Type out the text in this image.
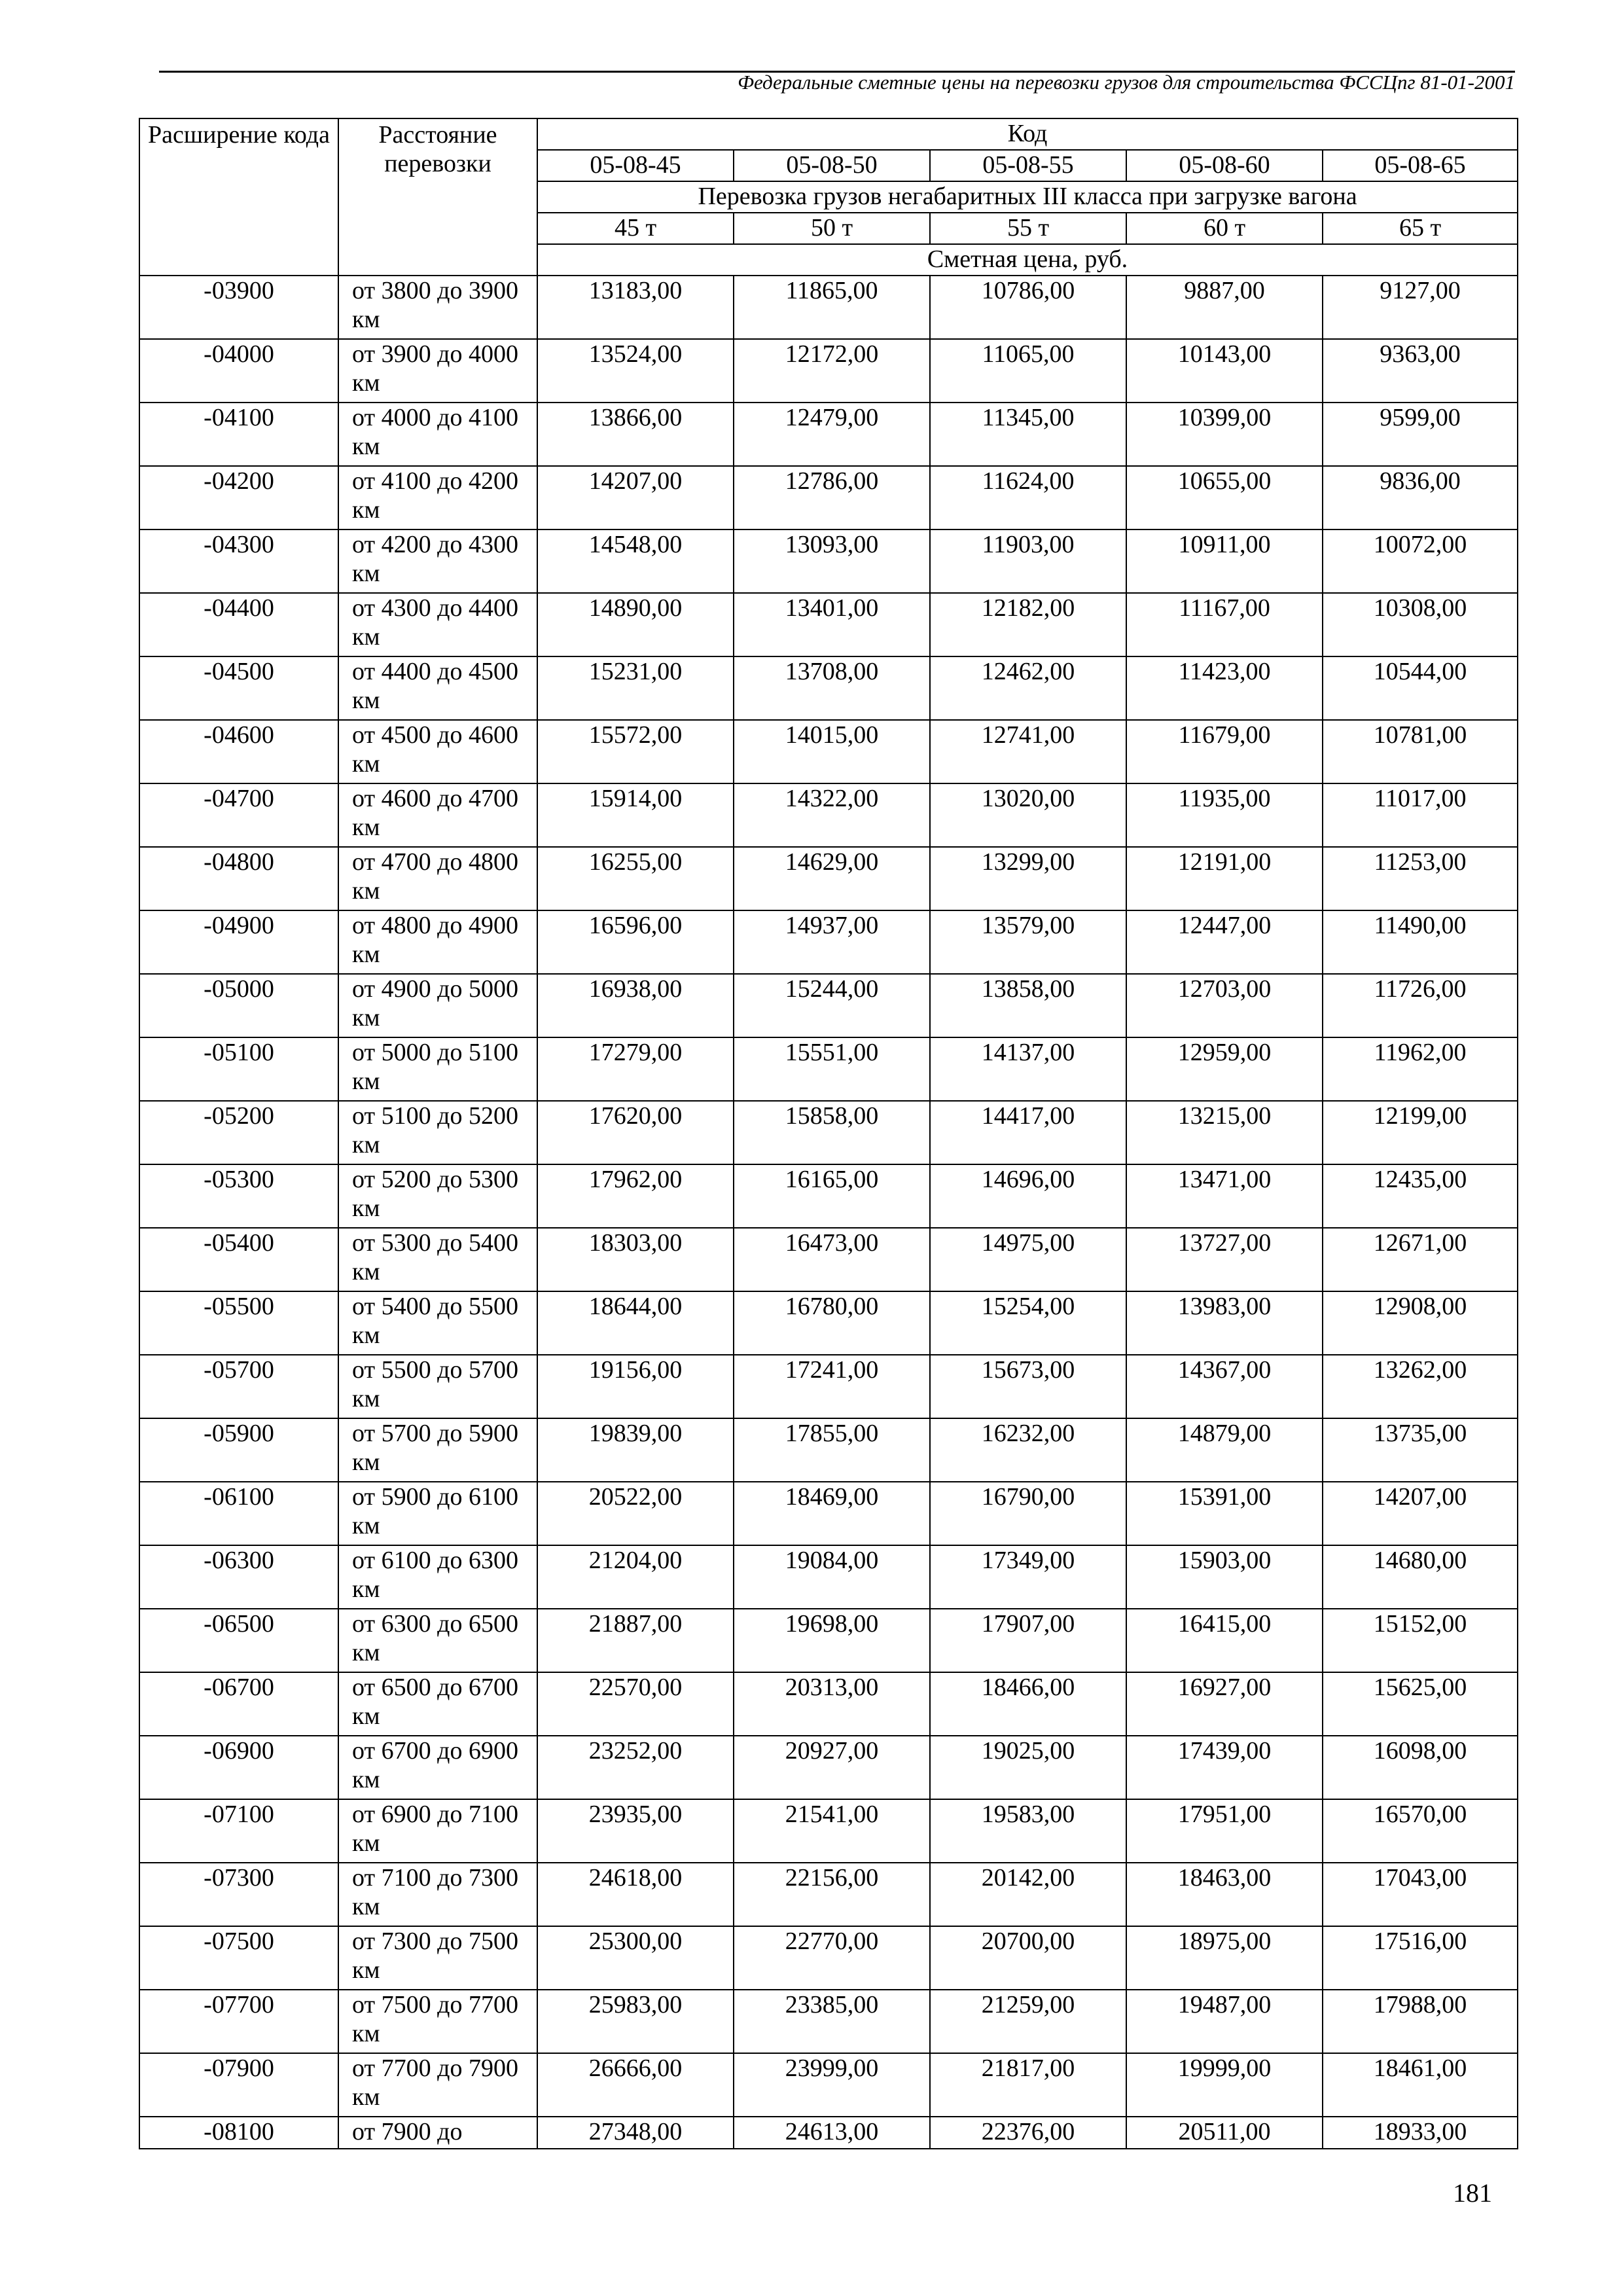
Федеральные сметные цены на перевозки грузов для строительства ФССЦпг 81-01-2001
Расширение кода	Расстояние перевозки	Код				
		05-08-45	05-08-50	05-08-55	05-08-60	05-08-65
		Перевозка грузов негабаритных III класса при загрузке вагона				
		45 т	50 т	55 т	60 т	65 т
		Сметная цена, руб.				
-03900	от 3800 до 3900 км	13183,00	11865,00	10786,00	9887,00	9127,00
-04000	от 3900 до 4000 км	13524,00	12172,00	11065,00	10143,00	9363,00
-04100	от 4000 до 4100 км	13866,00	12479,00	11345,00	10399,00	9599,00
-04200	от 4100 до 4200 км	14207,00	12786,00	11624,00	10655,00	9836,00
-04300	от 4200 до 4300 км	14548,00	13093,00	11903,00	10911,00	10072,00
-04400	от 4300 до 4400 км	14890,00	13401,00	12182,00	11167,00	10308,00
-04500	от 4400 до 4500 км	15231,00	13708,00	12462,00	11423,00	10544,00
-04600	от 4500 до 4600 км	15572,00	14015,00	12741,00	11679,00	10781,00
-04700	от 4600 до 4700 км	15914,00	14322,00	13020,00	11935,00	11017,00
-04800	от 4700 до 4800 км	16255,00	14629,00	13299,00	12191,00	11253,00
-04900	от 4800 до 4900 км	16596,00	14937,00	13579,00	12447,00	11490,00
-05000	от 4900 до 5000 км	16938,00	15244,00	13858,00	12703,00	11726,00
-05100	от 5000 до 5100 км	17279,00	15551,00	14137,00	12959,00	11962,00
-05200	от 5100 до 5200 км	17620,00	15858,00	14417,00	13215,00	12199,00
-05300	от 5200 до 5300 км	17962,00	16165,00	14696,00	13471,00	12435,00
-05400	от 5300 до 5400 км	18303,00	16473,00	14975,00	13727,00	12671,00
-05500	от 5400 до 5500 км	18644,00	16780,00	15254,00	13983,00	12908,00
-05700	от 5500 до 5700 км	19156,00	17241,00	15673,00	14367,00	13262,00
-05900	от 5700 до 5900 км	19839,00	17855,00	16232,00	14879,00	13735,00
-06100	от 5900 до 6100 км	20522,00	18469,00	16790,00	15391,00	14207,00
-06300	от 6100 до 6300 км	21204,00	19084,00	17349,00	15903,00	14680,00
-06500	от 6300 до 6500 км	21887,00	19698,00	17907,00	16415,00	15152,00
-06700	от 6500 до 6700 км	22570,00	20313,00	18466,00	16927,00	15625,00
-06900	от 6700 до 6900 км	23252,00	20927,00	19025,00	17439,00	16098,00
-07100	от 6900 до 7100 км	23935,00	21541,00	19583,00	17951,00	16570,00
-07300	от 7100 до 7300 км	24618,00	22156,00	20142,00	18463,00	17043,00
-07500	от 7300 до 7500 км	25300,00	22770,00	20700,00	18975,00	17516,00
-07700	от 7500 до 7700 км	25983,00	23385,00	21259,00	19487,00	17988,00
-07900	от 7700 до 7900 км	26666,00	23999,00	21817,00	19999,00	18461,00
-08100	от 7900 до	27348,00	24613,00	22376,00	20511,00	18933,00
181
